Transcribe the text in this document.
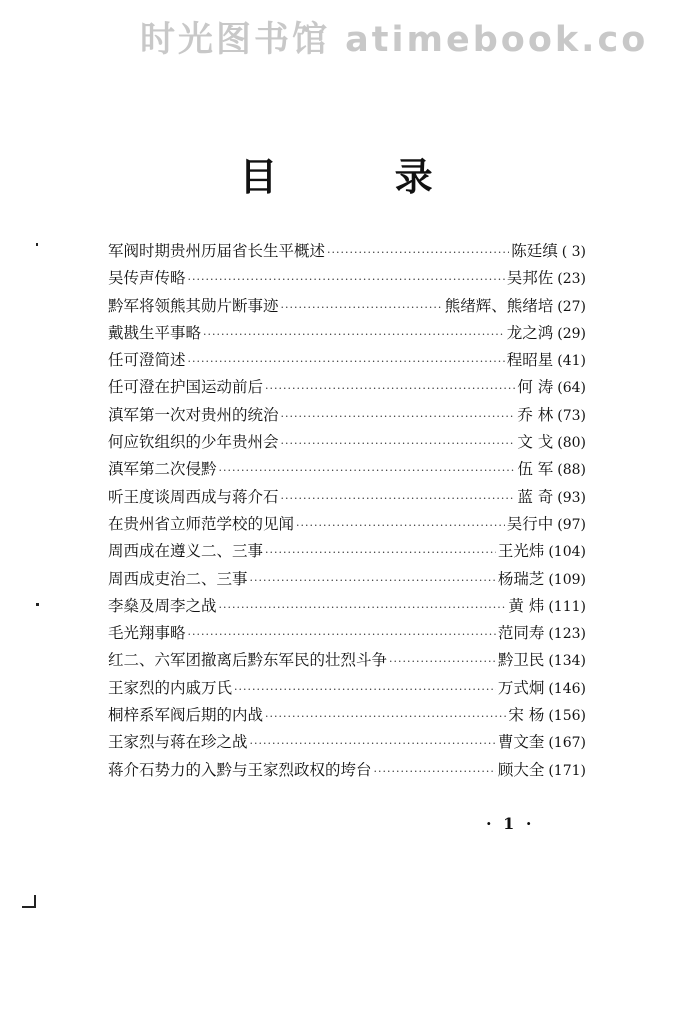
时光图书馆 atimebook.co
目 录
军阀时期贵州历届省长生平概述 ·····	陈廷缜 ( 3)
吴传声传略 ·····	吴邦佐 (23)
黔军将领熊其勋片断事迹 ·····	熊绪辉、熊绪培 (27)
戴戡生平事略 ·····	龙之鸿 (29)
任可澄简述 ·····	程昭星 (41)
任可澄在护国运动前后 ·····	何 涛 (64)
滇军第一次对贵州的统治 ·····	乔 林 (73)
何应钦组织的少年贵州会 ·····	文 戈 (80)
滇军第二次侵黔 ·····	伍 军 (88)
听王度谈周西成与蒋介石 ·····	蓝 奇 (93)
在贵州省立师范学校的见闻 ·····	吴行中 (97)
周西成在遵义二、三事 ·····	王光炜 (104)
周西成吏治二、三事 ·····	杨瑞芝 (109)
李燊及周李之战 ·····	黄 炜 (111)
毛光翔事略 ·····	范同寿 (123)
红二、六军团撤离后黔东军民的壮烈斗争 ·····	黔卫民 (134)
王家烈的内戚万氏 ·····	万式炯 (146)
桐梓系军阀后期的内战 ·····	宋 杨 (156)
王家烈与蒋在珍之战 ·····	曹文奎 (167)
蒋介石势力的入黔与王家烈政权的垮台 ·····	顾大全 (171)
· 1 ·
